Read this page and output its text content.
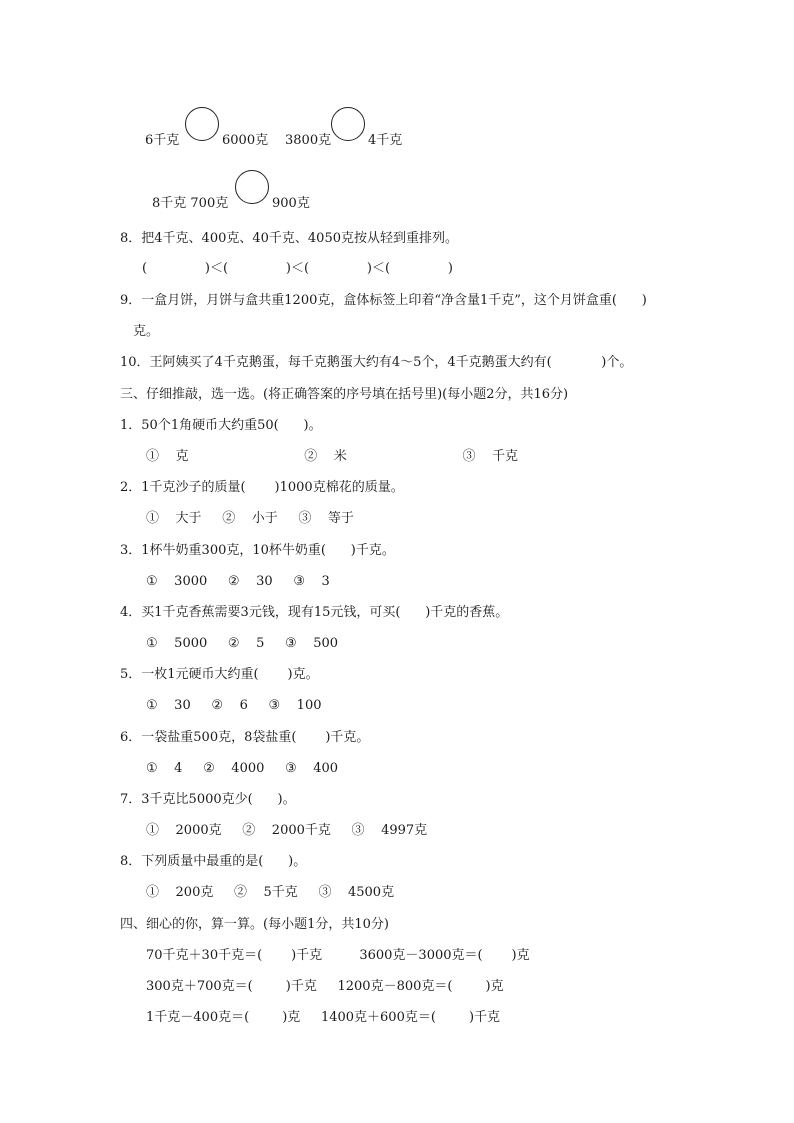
6千克	6000克 3800克	4千克
8千克 700克	900克
8．把4千克、400克、40千克、4050克按从轻到重排列。
(              )＜(              )＜(              )＜(              )
9．一盒月饼，月饼与盒共重1200克，盒体标签上印着“净含量1千克”，这个月饼盒重(      )
克。
10．王阿姨买了4千克鹅蛋，每千克鹅蛋大约有4～5个，4千克鹅蛋大约有(            )个。
三、仔细推敲，选一选。(将正确答案的序号填在括号里)(每小题2分，共16分)
1．50个1角硬币大约重50(      )。
①    克                            ②    米                            ③    千克
2．1千克沙子的质量(       )1000克棉花的质量。
①    大于     ②    小于     ③    等于
3．1杯牛奶重300克，10杯牛奶重(      )千克。
①    3000     ②    30     ③    3
4．买1千克香蕉需要3元钱，现有15元钱，可买(      )千克的香蕉。
①    5000     ②    5     ③    500
5．一枚1元硬币大约重(       )克。
①    30     ②    6     ③    100
6．一袋盐重500克，8袋盐重(       )千克。
①    4     ②    4000     ③    400
7．3千克比5000克少(      )。
①    2000克     ②    2000千克     ③    4997克
8．下列质量中最重的是(      )。
①    200克     ②    5千克     ③    4500克
四、细心的你，算一算。(每小题1分，共10分)
70千克＋30千克＝(       )千克         3600克－3000克＝(       )克
300克＋700克＝(        )千克     1200克－800克＝(        )克
1千克－400克＝(        )克     1400克＋600克＝(        )千克
